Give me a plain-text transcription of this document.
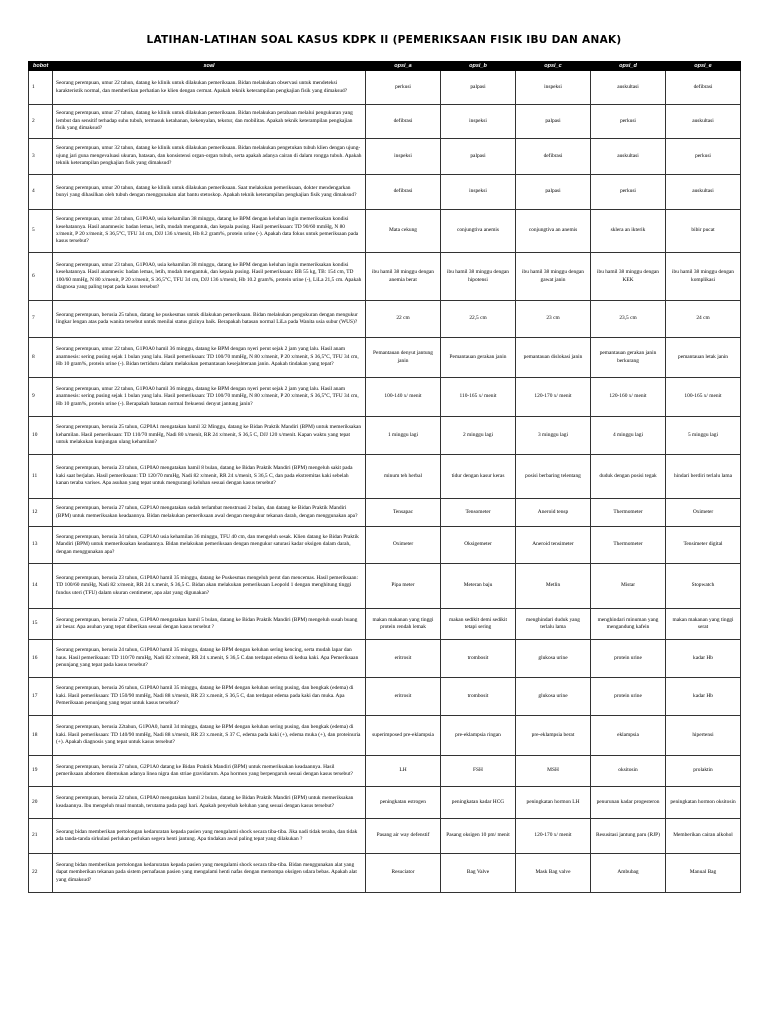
LATIHAN-LATIHAN SOAL KASUS KDPK II (PEMERIKSAAN FISIK IBU DAN ANAK)
bobot	soal	opsi_a	opsi_b	opsi_c	opsi_d	opsi_e
1	Seorang perempuan, umur 22 tahun, datang ke klinik untuk dilakukan pemeriksaan. Bidan melakukan observasi untuk mendeteksi karakteristik normal, dan memberikan perhatian ke klien dengan cermat. Apakah teknik keterampilan pengkajian fisik yang dimaksud?	perkusi	palpasi	inspeksi	auskultasi	defibrasi
2	Seorang perempuan, umur 27 tahun, datang ke klinik untuk dilakukan pemeriksaan. Bidan melakukan perabaan melalui pengukuran yang lembut dan sensitif terhadap suhu tubuh, termasuk ketahanan, kekenyalan, tekstur, dan mobilitas. Apakah teknik keterampilan pengkajian fisik yang dimaksud?	defibrasi	inspeksi	palpasi	perkusi	auskultasi
3	Seorang perempuan, umur 32 tahun, datang ke klinik untuk dilakukan pemeriksaan. Bidan melakukan pengetukan tubuh klien dengan ujung-ujung jari guna mengevaluasi ukuran, batasan, dan konsistensi organ-organ tubuh, serta apakah adanya cairan di dalam rongga tubuh. Apakah teknik keterampilan pengkajian fisik yang dimaksud?	inspeksi	palpasi	defibrasi	auskultasi	perkusi
4	Seorang perempuan, umur 20 tahun, datang ke klinik untuk dilakukan pemeriksaan. Saat melakukan pemeriksaan, dokter mendengarkan bunyi yang dihasilkan oleh tubuh dengan menggunakan alat bantu stetoskop. Apakah teknik keterampilan pengkajian fisik yang dimaksud?	defibrasi	inspeksi	palpasi	perkusi	auskultasi
5	Seorang perempuan, umur 24 tahun, G1P0A0, usia kehamilan 38 minggu, datang ke BPM dengan keluhan ingin memeriksakan kondisi kesehatannya. Hasil anamnesis: badan lemas, letih, mudah mengantuk, dan kepala pusing. Hasil pemeriksaan: TD 90/60 mmHg, N 80 x/menit, P 20 x/menit, S 36,5°C, TFU 34 cm, DJJ 136 x/menit, Hb 8.2 gram%, protein urine (-). Apakah data fokus untuk pemeriksaan pada kasus tersebut?	Mata cekung	conjungtiva anemis	conjungtiva an anemis	sklera an ikterik	bibir pucat
6	Seorang perempuan, umur 23 tahun, G1P0A0, usia kehamilan 38 minggu, datang ke BPM dengan keluhan ingin memeriksakan kondisi kesehatannya. Hasil anamnesis: badan lemas, letih, mudah mengantuk, dan kepala pusing. Hasil pemeriksaan: BB 55 kg, TB: 154 cm, TD 100/60 mmHg, N 80 x/menit, P 20 x/menit, S 36,5°C, TFU 34 cm, DJJ 136 x/menit, Hb 10.2 gram%, protein urine (-), LiLa 21,5 cm. Apakah diagnosa yang paling tepat pada kasus tersebut?	ibu hamil 38 minggu dengan anemia berat	ibu hamil 38 minggu dengan hipotensi	ibu hamil 38 minggu dengan gawat janin	ibu hamil 38 minggu dengan KEK	ibu hamil 38 minggu dengan komplikasi
7	Seorang perempuan, berusia 25 tahun, datang ke puskesmas untuk dilakukan pemeriksaan. Bidan melakukan pengukuran dengan mengukur lingkar lengan atas pada wanita tersebut untuk menilai status gizinya baik. Berapakah batasan normal LiLa pada Wanita usia subur (WUS)?	22 cm	22,5 cm	23 cm	23,5 cm	24 cm
8	Seorang perempuan, umur 22 tahun, G1P0A0 hamil 36 minggu, datang ke BPM dengan nyeri perut sejak 2 jam yang lalu. Hasil anam anamnesis: sering pusing sejak 1 bulan yang lalu. Hasil pemeriksaan: TD 100/70 mmHg, N 80 x/menit, P 20 x/menit, S 36,5°C, TFU 34 cm, Hb 10 gram%, protein urine (-). Bidan tertiduru dalam melakukan pemantauan kesejahteraan janin. Apakah tindakan yang tepat?	Pemantauan denyut jantung janin	Pemantauan gerakan janin	pemantauan dislokasi janin	pemantauan gerakan janin berkurang	pemantauan letak janin
9	Seorang perempuan, umur 22 tahun, G1P0A0 hamil 36 minggu, datang ke BPM dengan nyeri perut sejak 2 jam yang lalu. Hasil anam anamnesis: sering pusing sejak 1 bulan yang lalu. Hasil pemeriksaan: TD 100/70 mmHg, N 80 x/menit, P 20 x/menit, S 36,5°C, TFU 34 cm, Hb 10 gram%, protein urine (-). Berapakah batasan normal frekuensi denyut jantung janin?	100-140 x/ menit	110-165 x/ menit	120-170 x/ menit	120-160 x/ menit	100-165 x/ menit
10	Seorang perempuan, berusia 25 tahun, G2P0A1 mengatakan hamil 32 Minggu, datang ke Bidan Praktik Mandiri (BPM) untuk memeriksakan kehamilan. Hasil pemeriksaan: TD 110/70 mmHg, Nadi 80 x/menit, RR 24 x/menit, S 36,5 C, DJJ 120 x/menit. Kapan waktu yang tepat untuk melakukan kunjungan ulang kehamilan?	1 minggu lagi	2 minggu lagi	3 minggu lagi	4 minggu lagi	5 minggu lagi
11	Seorang perempuan, berusia 23 tahun, G1P0A0 mengatakan hamil 8 bulan, datang ke Bidan Praktik Mandiri (BPM) mengeluh sakit pada kaki saat berjalan. Hasil pemeriksaan: TD 120/70 mmHg, Nadi 82 x/menit, RR 24 x/menit, S 36,5 C, dan pada ekstremitas kaki sebelah kanan teraba varises. Apa asuhan yang tepat untuk mengurangi keluhan sesuai dengan kasus tersebut?	minum teh herbal	tidur dengan kasur keras	posisi berbaring telentang	duduk dengan posisi tegak	hindari berdiri terlalu lama
12	Seorang perempuan, berusia 27 tahun, G2P1A0 mengatakan sudah terlambat menstruasi 2 bulan, dan datang ke Bidan Praktik Mandiri (BPM) untuk memeriksakan keadaannya. Bidan melakukan pemeriksaan awal dengan mengukur tekanan darah, dengan menggunakan apa?	Tensapac	Tensometer	Aneroid tensp	Thermometer	Oximeter
13	Seorang perempuan, berusia 34 tahun, G2P1A0 usia kehamilan 36 minggu, TFU 40 cm, dan mengeluh sesak. Klien datang ke Bidan Praktik Mandiri (BPM) untuk memeriksakan keadaannya. Bidan melakukan pemeriksaan dengan mengukur saturasi kadar oksigen dalam darah, dengan menggunakan apa?	Oximeter	Oksigemeter	Aneroid tensimeter	Thermometer	Tensimeter digital
14	Seorang perempuan, berusia 23 tahun, G1P0A0 hamil 35 minggu, datang ke Puskesmas mengeluh perut dan mencemas. Hasil pemeriksaan: TD 100/60 mmHg, Nadi 82 x/menit, RR 24 x.menit, S 36,5 C. Bidan akan melakukan pemeriksaan Leopold 1 dengan menghitung tinggi fundus uteri (TFU) dalam ukuran centimeter, apa alat yang digunakan?	Pipa meter	Meteran baju	Metlin	Mistar	Stopwatch
15	Seorang perempuan, berusia 27 tahun, G1P0A0 mengatakan hamil 5 bulan, datang ke Bidan Praktik Mandiri (BPM) mengeluh susah buang air besar. Apa asuhan yang tepat diberikan sesuai dengan kasus tersebut ?	makan makanan yang tinggi protein rendah lemak	makan sedikit demi sedikit tetapi sering	menghindari duduk yang terlalu lama	menghindari minuman yang mengandung kafein	makan makanan yang tinggi serat
16	Seorang perempuan, berusia 24 tahun, G1P0A0 hamil 35 minggu, datang ke BPM dengan keluhan sering kencing, serta mudah lapar dan haus. Hasil pemeriksaan: TD 110/70 mmHg, Nadi 82 x/menit, RR 24 x.menit, S 36,5 C.dan terdapat edema di kedua kaki. Apa Pemeriksaan penunjang yang tepat pada kasus tersebut?	eritrosit	trombosit	glukosa urine	protein urine	kadar Hb
17	Seorang perempuan, berusia 26 tahun, G1P0A0 hamil 35 minggu, datang ke BPM dengan keluhan sering pusing, dan bengkak (edema) di kaki. Hasil pemeriksaan: TD 150/90 mmHg, Nadi 88 x/menit, RR 23 x.menit, S 36,5 C, dan terdapat edema pada kaki dan muka. Apa Pemeriksaan penunjang yang tepat untuk kasus tersebut?	eritrosit	trombosit	glukosa urine	protein urine	kadar Hb
18	Seorang perempuan, berusia 22tahun, G1P0A0, hamil 34 minggu, datang ke BPM dengan keluhan sering pusing, dan bengkak (edema) di kaki. Hasil pemeriksaan: TD 140/90 mmHg, Nadi 88 x/menit, RR 23 x.menit, S 37 C, edema pada kaki (+), edema muka (+), dan proteinuria (+). Apakah diagnosis yang tepat untuk kasus tersebut?	superimposed pre-eklampsia	pre-eklampsia ringan	pre-eklampsia berat	eklampsia	hipertensi
19	Seorang perempuan, berusia 27 tahun, G2P1A0 datang ke Bidan Praktik Mandiri (BPM) untuk memeriksakan keadaannya. Hasil pemeriksaan abdomen ditemukan adanya linea nigra dan striae gravidarum. Apa hormon yang berpengaruh sesuai dengan kasus tersebut?	LH	FSH	MSH	oksitosin	prolaktin
20	Seorang perempuan, berusia 22 tahun, G1P0A0 mengatakan hamil 2 bulan, datang ke Bidan Praktik Mandiri (BPM) untuk memeriksakan keadaannya. Ibu mengeluh mual muntah, terutama pada pagi hari. Apakah penyebab keluhan yang sesuai dengan kasus tersebut?	peningkatan estrogen	peningkatan kadar HCG	peningkatan hormon LH	penurunan kadar progesteron	peningkatan hormon oksitosin
21	Seorang bidan memberikan pertolongan kedaruratan kepada pasien yang mengalami shock secara tiba-tiba. Jika nadi tidak teraba, dan tidak ada tanda-tanda sirkulasi perlukan perlukan segera henti jantung. Apa tindakan awal paling tepat yang dilakukan ?	Pasang air way defenstif	Pasang oksigen 10 pm/ menit	120-170 x/ menit	Resusitasi jantung paru (RJP)	Memberikan cairan alkohol
22	Seorang bidan memberikan pertolongan kedaruratan kepada pasien yang mengalami shock secara tiba-tiba. Bidan menggunakan alat yang dapat memberikan tekanan pada sistem pernafasan pasien yang mengalami henti nafas dengan memompa oksigen udara bebas. Apakah alat yang dimaksud?	Resuciator	Bag Valve	Mask Bag valve	Ambubag	Manual Bag
